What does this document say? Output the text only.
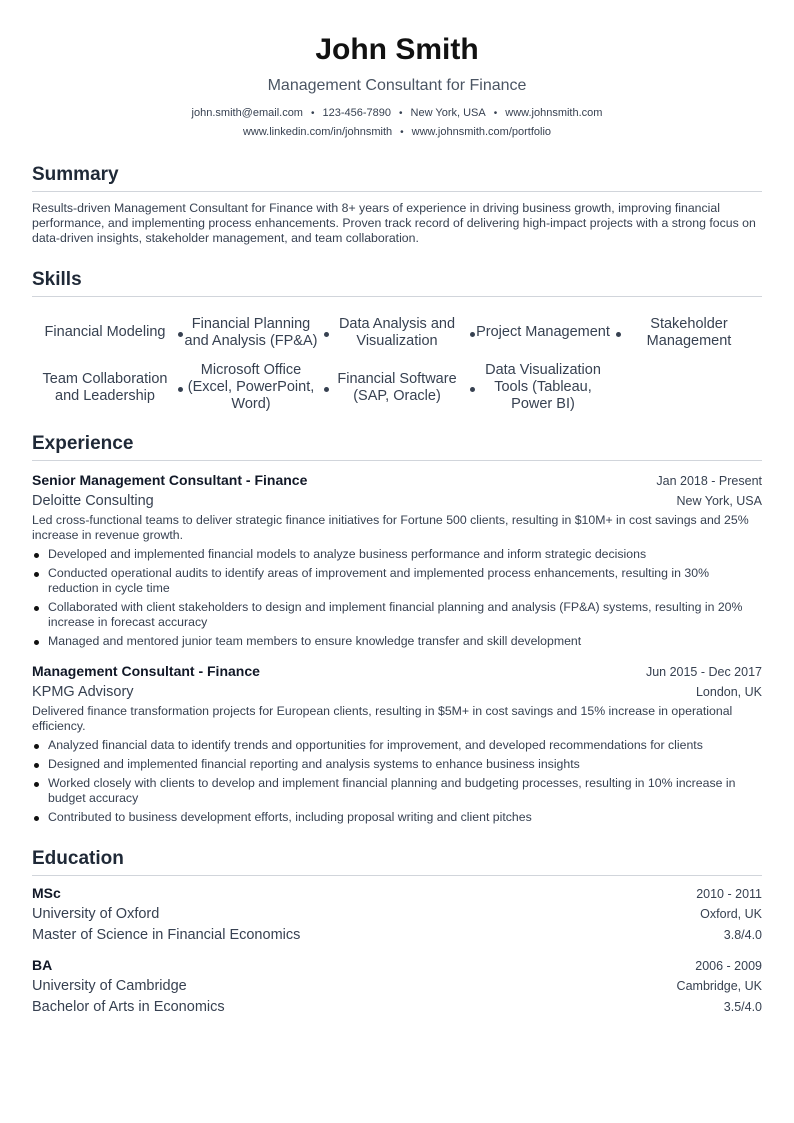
John Smith
Management Consultant for Finance
john.smith@email.com • 123-456-7890 • New York, USA • www.johnsmith.com
www.linkedin.com/in/johnsmith • www.johnsmith.com/portfolio
Summary
Results-driven Management Consultant for Finance with 8+ years of experience in driving business growth, improving financial performance, and implementing process enhancements. Proven track record of delivering high-impact projects with a strong focus on data-driven insights, stakeholder management, and team collaboration.
Skills
Financial Modeling
Financial Planning and Analysis (FP&A)
Data Analysis and Visualization
Project Management
Stakeholder Management
Team Collaboration and Leadership
Microsoft Office (Excel, PowerPoint, Word)
Financial Software (SAP, Oracle)
Data Visualization Tools (Tableau, Power BI)
Experience
Senior Management Consultant - Finance	Jan 2018 - Present
Deloitte Consulting	New York, USA
Led cross-functional teams to deliver strategic finance initiatives for Fortune 500 clients, resulting in $10M+ in cost savings and 25% increase in revenue growth.
Developed and implemented financial models to analyze business performance and inform strategic decisions
Conducted operational audits to identify areas of improvement and implemented process enhancements, resulting in 30% reduction in cycle time
Collaborated with client stakeholders to design and implement financial planning and analysis (FP&A) systems, resulting in 20% increase in forecast accuracy
Managed and mentored junior team members to ensure knowledge transfer and skill development
Management Consultant - Finance	Jun 2015 - Dec 2017
KPMG Advisory	London, UK
Delivered finance transformation projects for European clients, resulting in $5M+ in cost savings and 15% increase in operational efficiency.
Analyzed financial data to identify trends and opportunities for improvement, and developed recommendations for clients
Designed and implemented financial reporting and analysis systems to enhance business insights
Worked closely with clients to develop and implement financial planning and budgeting processes, resulting in 10% increase in budget accuracy
Contributed to business development efforts, including proposal writing and client pitches
Education
MSc	2010 - 2011
University of Oxford	Oxford, UK
Master of Science in Financial Economics	3.8/4.0
BA	2006 - 2009
University of Cambridge	Cambridge, UK
Bachelor of Arts in Economics	3.5/4.0
